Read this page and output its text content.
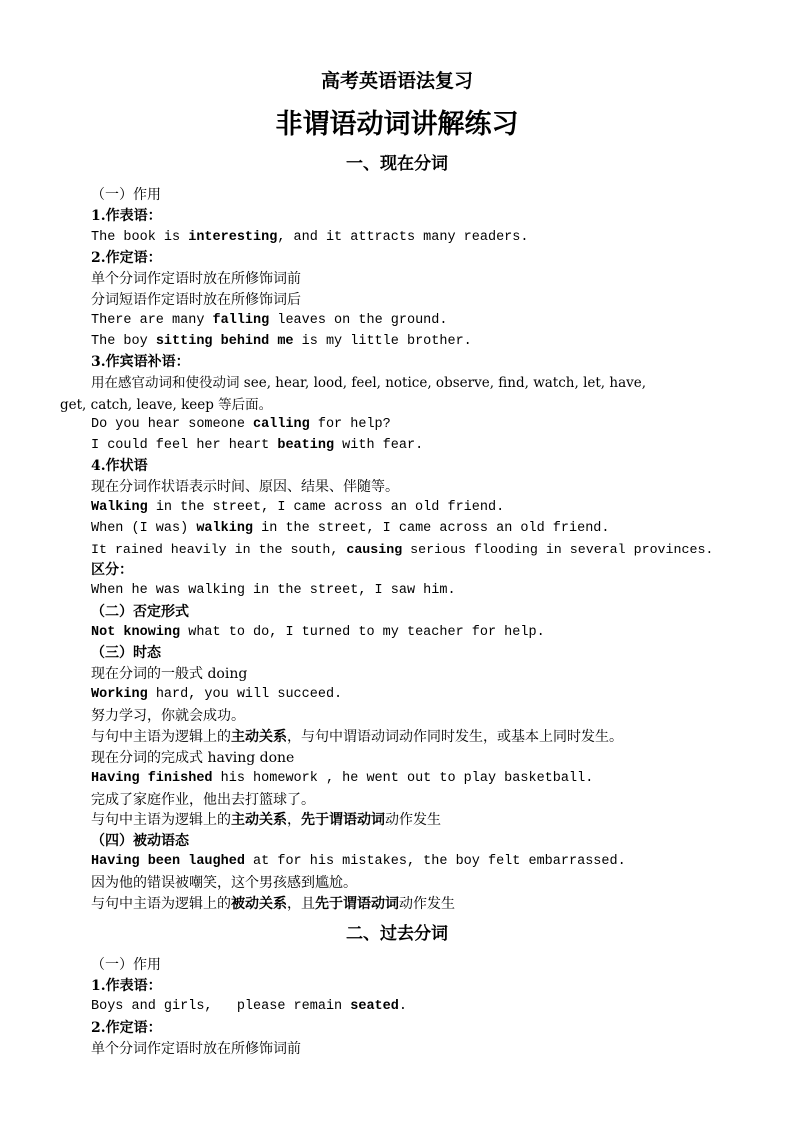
高考英语语法复习
非谓语动词讲解练习
一、现在分词
（一）作用
1.作表语：
The book is interesting, and it attracts many readers.
2.作定语：
单个分词作定语时放在所修饰词前
分词短语作定语时放在所修饰词后
There are many falling leaves on the ground.
The boy sitting behind me is my little brother.
3.作宾语补语：
用在感官动词和使役动词 see, hear, lood, feel, notice, observe, find, watch, let, have,
get, catch, leave, keep 等后面。
Do you hear someone calling for help?
I could feel her heart beating with fear.
4.作状语
现在分词作状语表示时间、原因、结果、伴随等。
Walking in the street, I came across an old friend.
When (I was) walking in the street, I came across an old friend.
It rained heavily in the south, causing serious flooding in several provinces.
区分：
When he was walking in the street, I saw him.
（二）否定形式
Not knowing what to do, I turned to my teacher for help.
（三）时态
现在分词的一般式 doing
Working hard, you will succeed.
努力学习，你就会成功。
与句中主语为逻辑上的主动关系，与句中谓语动词动作同时发生，或基本上同时发生。
现在分词的完成式 having done
Having finished his homework , he went out to play basketball.
完成了家庭作业，他出去打篮球了。
与句中主语为逻辑上的主动关系，先于谓语动词动作发生
（四）被动语态
Having been laughed at for his mistakes, the boy felt embarrassed.
因为他的错误被嘲笑，这个男孩感到尴尬。
与句中主语为逻辑上的被动关系，且先于谓语动词动作发生
二、过去分词
（一）作用
1.作表语：
Boys and girls,   please remain seated.
2.作定语：
单个分词作定语时放在所修饰词前
